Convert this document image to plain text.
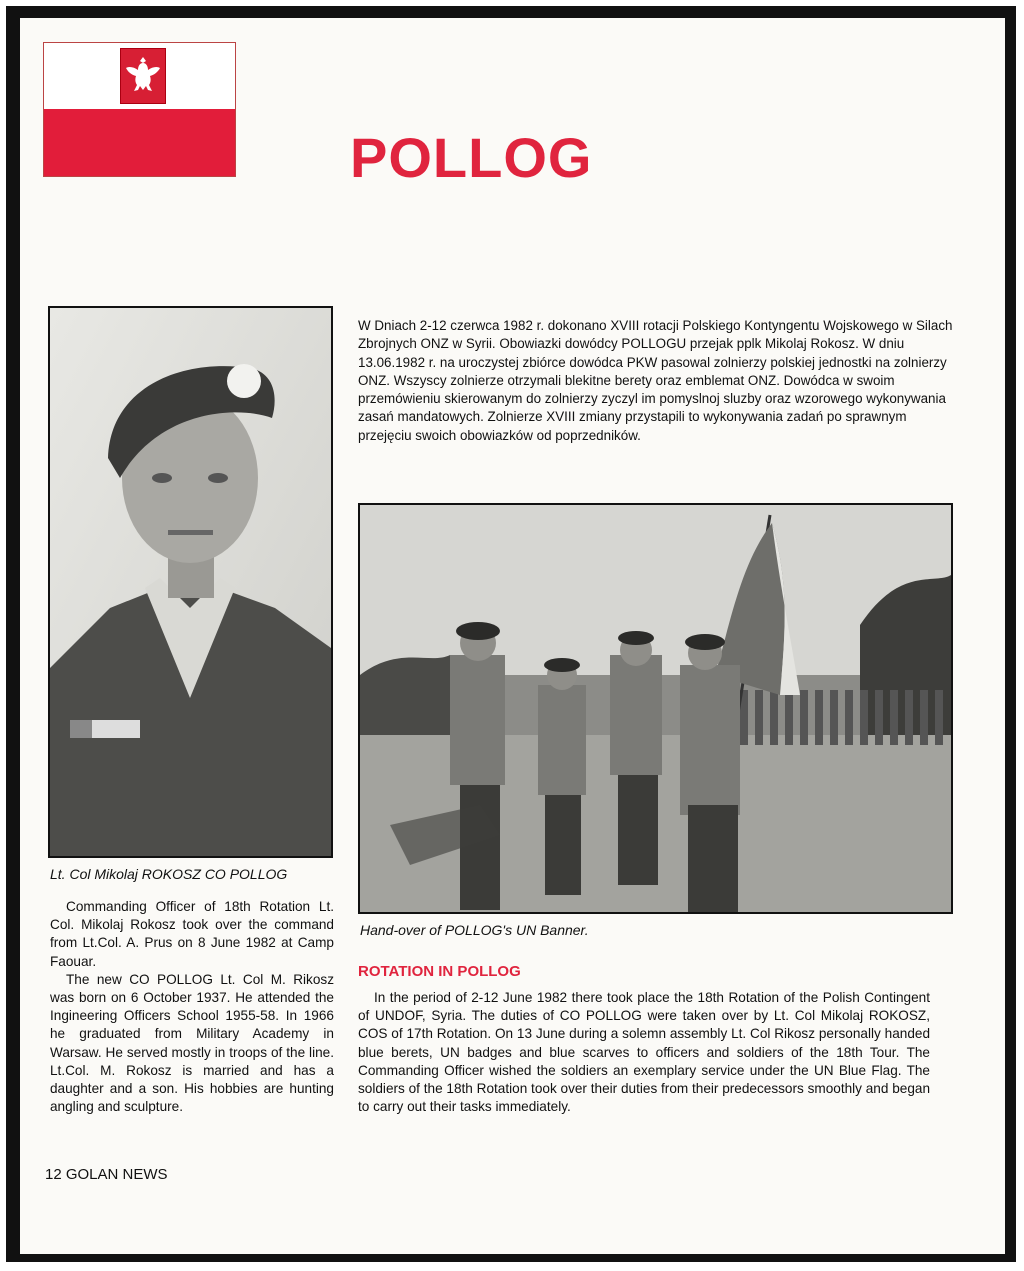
POLLOG

Lt. Col Mikolaj ROKOSZ CO POLLOG

W Dniach 2-12 czerwca 1982 r. dokonano XVIII rotacji Polskiego Kontyngentu Wojskowego w Silach Zbrojnych ONZ w Syrii. Obowiazki dowódcy POLLOGU przejak pplk Mikolaj Rokosz. W dniu 13.06.1982 r. na uroczystej zbiórce dowódca PKW pasowal zolnierzy polskiej jednostki na zolnierzy ONZ. Wszyscy zolnierze otrzymali blekitne berety oraz emblemat ONZ. Dowódca w swoim przemówieniu skierowanym do zolnierzy zyczyl im pomyslnoj sluzby oraz wzorowego wykonywania zasań mandatowych. Zolnierze XVIII zmiany przystapili to wykonywania zadań po sprawnym przejęciu swoich obowiazków od poprzedników.

Hand-over of POLLOG's UN Banner.

Commanding Officer of 18th Rotation Lt. Col. Mikolaj Rokosz took over the command from Lt.Col. A. Prus on 8 June 1982 at Camp Faouar.

The new CO POLLOG Lt. Col M. Rikosz was born on 6 October 1937. He attended the Ingineering Officers School 1955-58. In 1966 he graduated from Military Academy in Warsaw. He served mostly in troops of the line. Lt.Col. M. Rokosz is married and has a daughter and a son. His hobbies are hunting angling and sculpture.

ROTATION IN POLLOG

In the period of 2-12 June 1982 there took place the 18th Rotation of the Polish Contingent of UNDOF, Syria. The duties of CO POLLOG were taken over by Lt. Col Mikolaj ROKOSZ, COS of 17th Rotation. On 13 June during a solemn assembly Lt. Col Rikosz personally handed blue berets, UN badges and blue scarves to officers and soldiers of the 18th Tour. The Commanding Officer wished the soldiers an exemplary service under the UN Blue Flag. The soldiers of the 18th Rotation took over their duties from their predecessors smoothly and began to carry out their tasks immediately.

12 GOLAN NEWS
